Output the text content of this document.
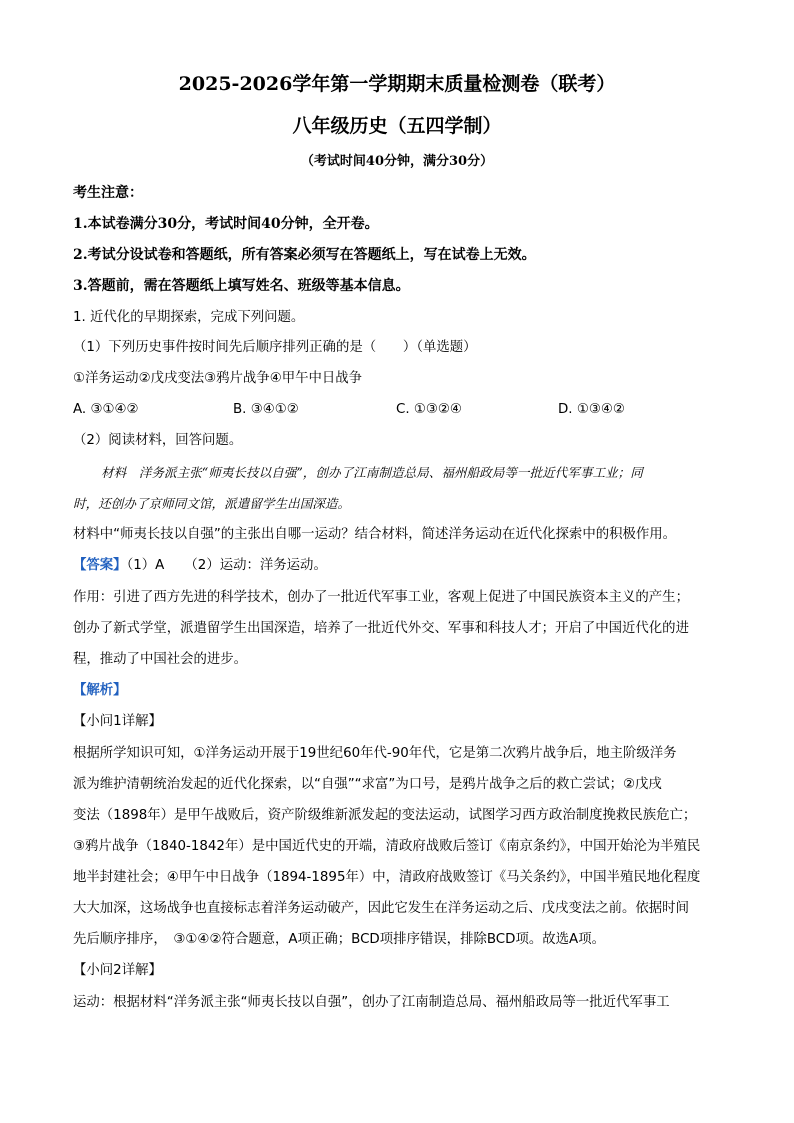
2025-2026学年第一学期期末质量检测卷（联考）
八年级历史（五四学制）
（考试时间40分钟，满分30分）
考生注意：
1.本试卷满分30分，考试时间40分钟，全开卷。
2.考试分设试卷和答题纸，所有答案必须写在答题纸上，写在试卷上无效。
3.答题前，需在答题纸上填写姓名、班级等基本信息。
1. 近代化的早期探索，完成下列问题。
（1）下列历史事件按时间先后顺序排列正确的是（　　）（单选题）
①洋务运动②戊戌变法③鸦片战争④甲午中日战争
A. ③①④②	B. ③④①②	C. ①③②④	D. ①③④②
（2）阅读材料，回答问题。
材料　洋务派主张“师夷长技以自强”，创办了江南制造总局、福州船政局等一批近代军事工业；同
时，还创办了京师同文馆，派遣留学生出国深造。
材料中“师夷长技以自强”的主张出自哪一运动？结合材料，简述洋务运动在近代化探索中的积极作用。
【答案】（1）A　　（2）运动：洋务运动。
作用：引进了西方先进的科学技术，创办了一批近代军事工业，客观上促进了中国民族资本主义的产生；
创办了新式学堂，派遣留学生出国深造，培养了一批近代外交、军事和科技人才；开启了中国近代化的进
程，推动了中国社会的进步。
【解析】
【小问1详解】
根据所学知识可知，①洋务运动开展于19世纪60年代-90年代，它是第二次鸦片战争后，地主阶级洋务
派为维护清朝统治发起的近代化探索，以“自强”“求富”为口号，是鸦片战争之后的救亡尝试；②戊戌
变法（1898年）是甲午战败后，资产阶级维新派发起的变法运动，试图学习西方政治制度挽救民族危亡；
③鸦片战争（1840-1842年）是中国近代史的开端，清政府战败后签订《南京条约》，中国开始沦为半殖民
地半封建社会；④甲午中日战争（1894-1895年）中，清政府战败签订《马关条约》，中国半殖民地化程度
大大加深，这场战争也直接标志着洋务运动破产，因此它发生在洋务运动之后、戊戌变法之前。依据时间
先后顺序排序，　③①④②符合题意，A项正确；BCD项排序错误，排除BCD项。故选A项。
【小问2详解】
运动：根据材料“洋务派主张“师夷长技以自强”，创办了江南制造总局、福州船政局等一批近代军事工
